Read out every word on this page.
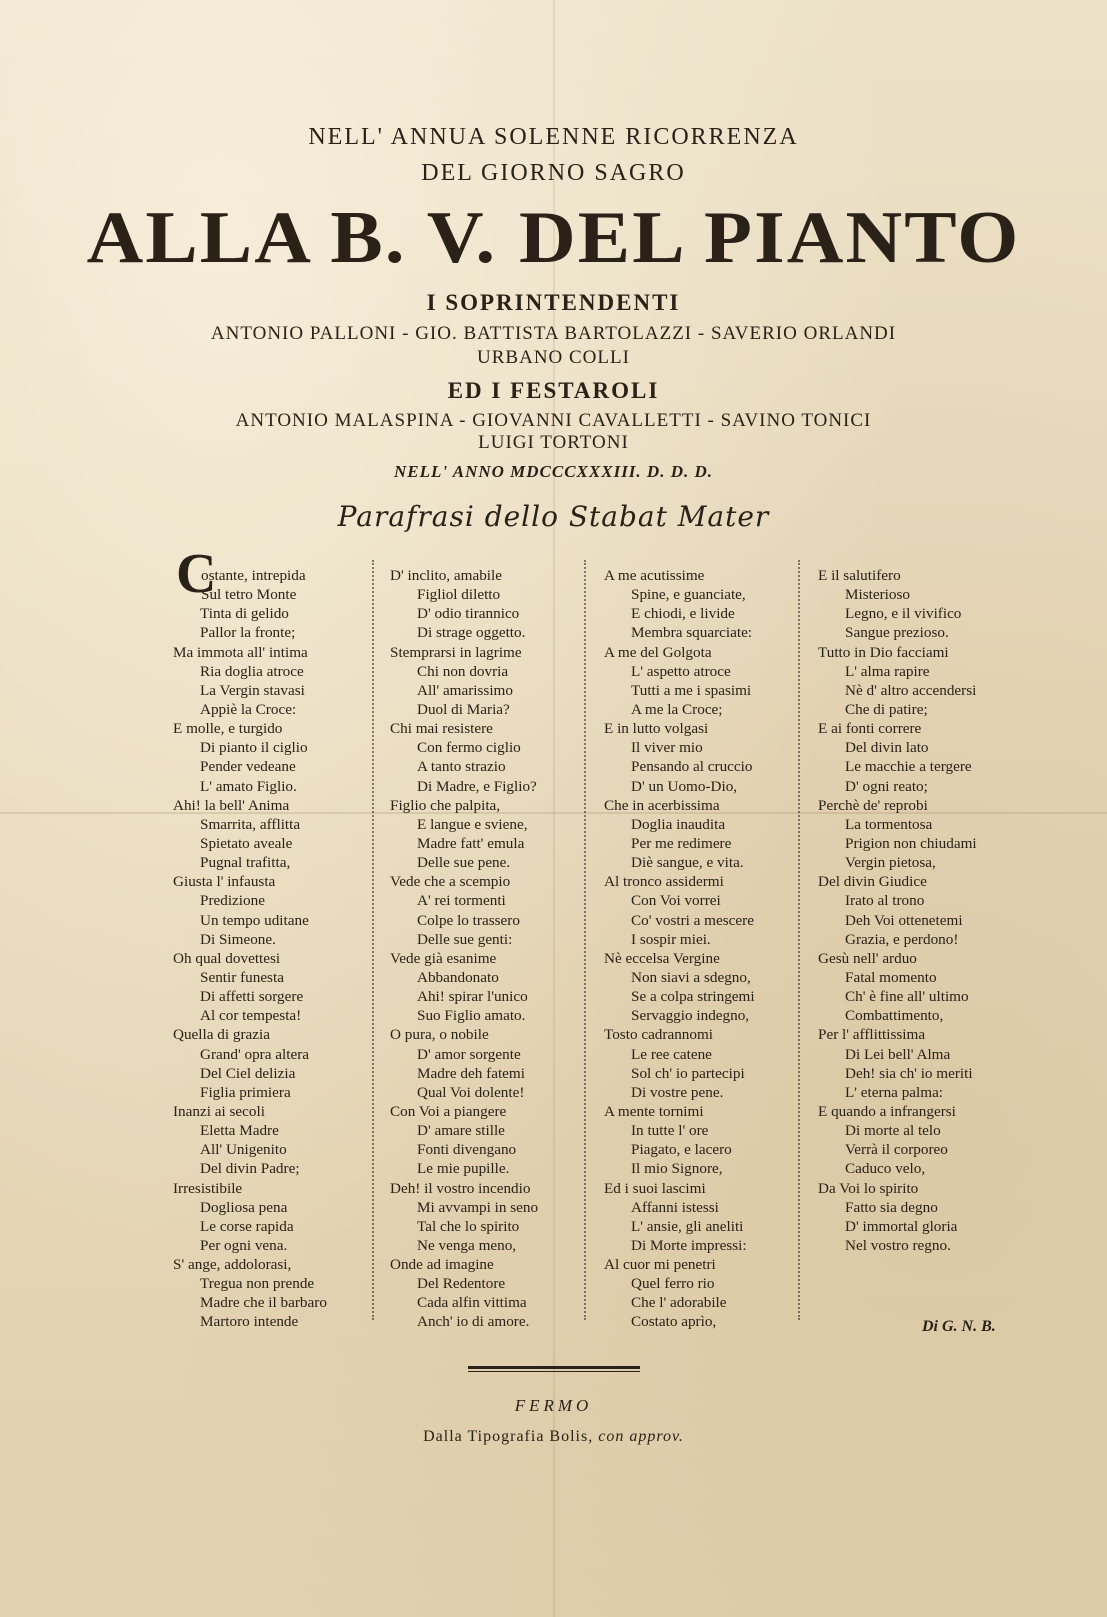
NELL' ANNUA SOLENNE RICORRENZA
DEL GIORNO SAGRO
ALLA B. V. DEL PIANTO
I SOPRINTENDENTI
ANTONIO PALLONI - GIO. BATTISTA BARTOLAZZI - SAVERIO ORLANDI
URBANO COLLI
ED I FESTAROLI
ANTONIO MALASPINA - GIOVANNI CAVALLETTI - SAVINO TONICI
LUIGI TORTONI
NELL' ANNO MDCCCXXXIII. D. D. D.
Parafrasi dello Stabat Mater
C
ostante, intrepida
Sul tetro Monte
Tinta di gelido
Pallor la fronte;
Ma immota all' intima
Ria doglia atroce
La Vergin stavasi
Appiè la Croce:
E molle, e turgido
Di pianto il ciglio
Pender vedeane
L' amato Figlio.
Ahi! la bell' Anima
Smarrita, afflitta
Spietato aveale
Pugnal trafitta,
Giusta l' infausta
Predizione
Un tempo uditane
Di Simeone.
Oh qual dovettesi
Sentir funesta
Di affetti sorgere
Al cor tempesta!
Quella di grazia
Grand' opra altera
Del Ciel delizia
Figlia primiera
Inanzi ai secoli
Eletta Madre
All' Unigenito
Del divin Padre;
Irresistibile
Dogliosa pena
Le corse rapida
Per ogni vena.
S' ange, addolorasi,
Tregua non prende
Madre che il barbaro
Martoro intende
D' inclito, amabile
Figliol diletto
D' odio tirannico
Di strage oggetto.
Stemprarsi in lagrime
Chi non dovria
All' amarissimo
Duol di Maria?
Chi mai resistere
Con fermo ciglio
A tanto strazio
Di Madre, e Figlio?
Figlio che palpita,
E langue e sviene,
Madre fatt' emula
Delle sue pene.
Vede che a scempio
A' rei tormenti
Colpe lo trassero
Delle sue genti:
Vede già esanime
Abbandonato
Ahi! spirar l'unico
Suo Figlio amato.
O pura, o nobile
D' amor sorgente
Madre deh fatemi
Qual Voi dolente!
Con Voi a piangere
D' amare stille
Fonti divengano
Le mie pupille.
Deh! il vostro incendio
Mi avvampi in seno
Tal che lo spirito
Ne venga meno,
Onde ad imagine
Del Redentore
Cada alfin vittima
Anch' io di amore.
A me acutissime
Spine, e guanciate,
E chiodi, e livide
Membra squarciate:
A me del Golgota
L' aspetto atroce
Tutti a me i spasimi
A me la Croce;
E in lutto volgasi
Il viver mio
Pensando al cruccio
D' un Uomo-Dio,
Che in acerbissima
Doglia inaudita
Per me redimere
Diè sangue, e vita.
Al tronco assidermi
Con Voi vorrei
Co' vostri a mescere
I sospir miei.
Nè eccelsa Vergine
Non siavi a sdegno,
Se a colpa stringemi
Servaggio indegno,
Tosto cadrannomi
Le ree catene
Sol ch' io partecipi
Di vostre pene.
A mente tornimi
In tutte l' ore
Piagato, e lacero
Il mio Signore,
Ed i suoi lascimi
Affanni istessi
L' ansie, gli aneliti
Di Morte impressi:
Al cuor mi penetri
Quel ferro rio
Che l' adorabile
Costato aprìo,
E il salutifero
Misterioso
Legno, e il vivifico
Sangue prezioso.
Tutto in Dio facciami
L' alma rapire
Nè d' altro accendersi
Che di patire;
E ai fonti correre
Del divin lato
Le macchie a tergere
D' ogni reato;
Perchè de' reprobi
La tormentosa
Prigion non chiudami
Vergin pietosa,
Del divin Giudice
Irato al trono
Deh Voi ottenetemi
Grazia, e perdono!
Gesù nell' arduo
Fatal momento
Ch' è fine all' ultimo
Combattimento,
Per l' afflittissima
Di Lei bell' Alma
Deh! sia ch' io meriti
L' eterna palma:
E quando a infrangersi
Di morte al telo
Verrà il corporeo
Caduco velo,
Da Voi lo spirito
Fatto sia degno
D' immortal gloria
Nel vostro regno.
Di G. N. B.
FERMO
Dalla Tipografia Bolis, con approv.
